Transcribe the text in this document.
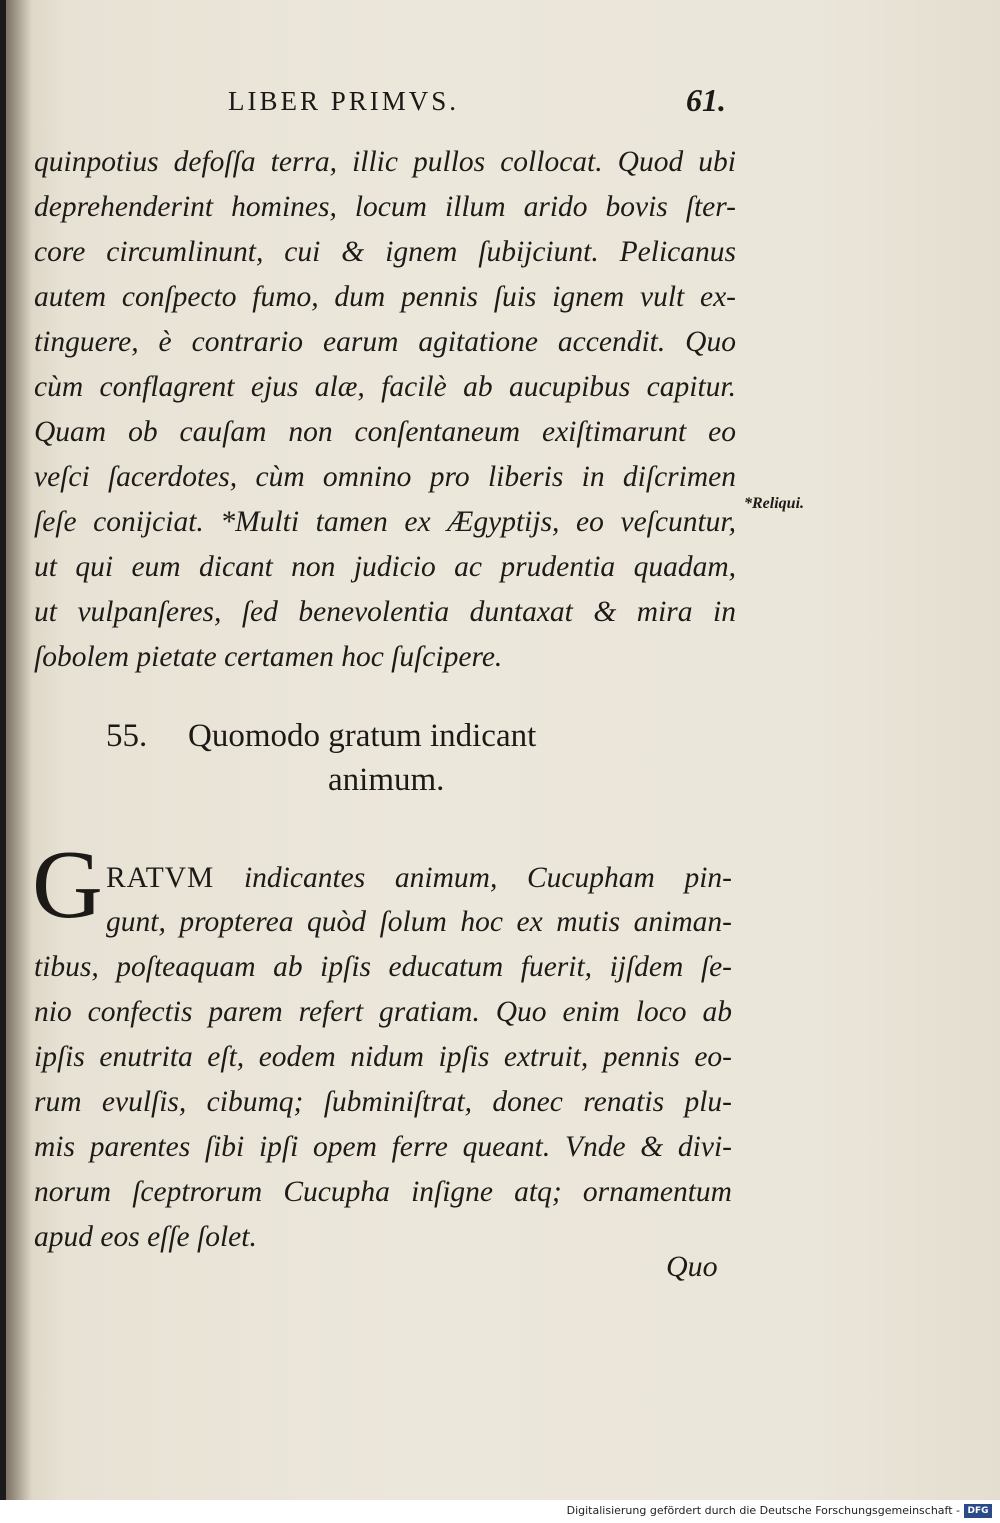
LIBER PRIMVS.	61.
quinpotius defoſſa terra, illic pullos collocat. Quod ubi
deprehenderint homines, locum illum arido bovis ſter-
core circumlinunt, cui & ignem ſubijciunt. Pelicanus
autem conſpecto fumo, dum pennis ſuis ignem vult ex-
tinguere, è contrario earum agitatione accendit. Quo
cùm conflagrent ejus alæ, facilè ab aucupibus capitur.
Quam ob cauſam non conſentaneum exiſtimarunt eo
veſci ſacerdotes, cùm omnino pro liberis in diſcrimen
ſeſe conijciat. *Multi tamen ex Ægyptijs, eo veſcuntur,
ut qui eum dicant non judicio ac prudentia quadam,
ut vulpanſeres, ſed benevolentia duntaxat & mira in
ſobolem pietate certamen hoc ſuſcipere.
*Reliqui.
55. Quomodo gratum indicant
animum.
G RATVM indicantes animum, Cucupham pin-
gunt, propterea quòd ſolum hoc ex mutis animan-
tibus, poſteaquam ab ipſis educatum fuerit, ijſdem ſe-
nio confectis parem refert gratiam. Quo enim loco ab
ipſis enutrita eſt, eodem nidum ipſis extruit, pennis eo-
rum evulſis, cibumq; ſubminiſtrat, donec renatis plu-
mis parentes ſibi ipſi opem ferre queant. Vnde & divi-
norum ſceptrorum Cucupha inſigne atq; ornamentum
apud eos eſſe ſolet.
Quo
Digitalisierung gefördert durch die Deutsche Forschungsgemeinschaft - DFG
